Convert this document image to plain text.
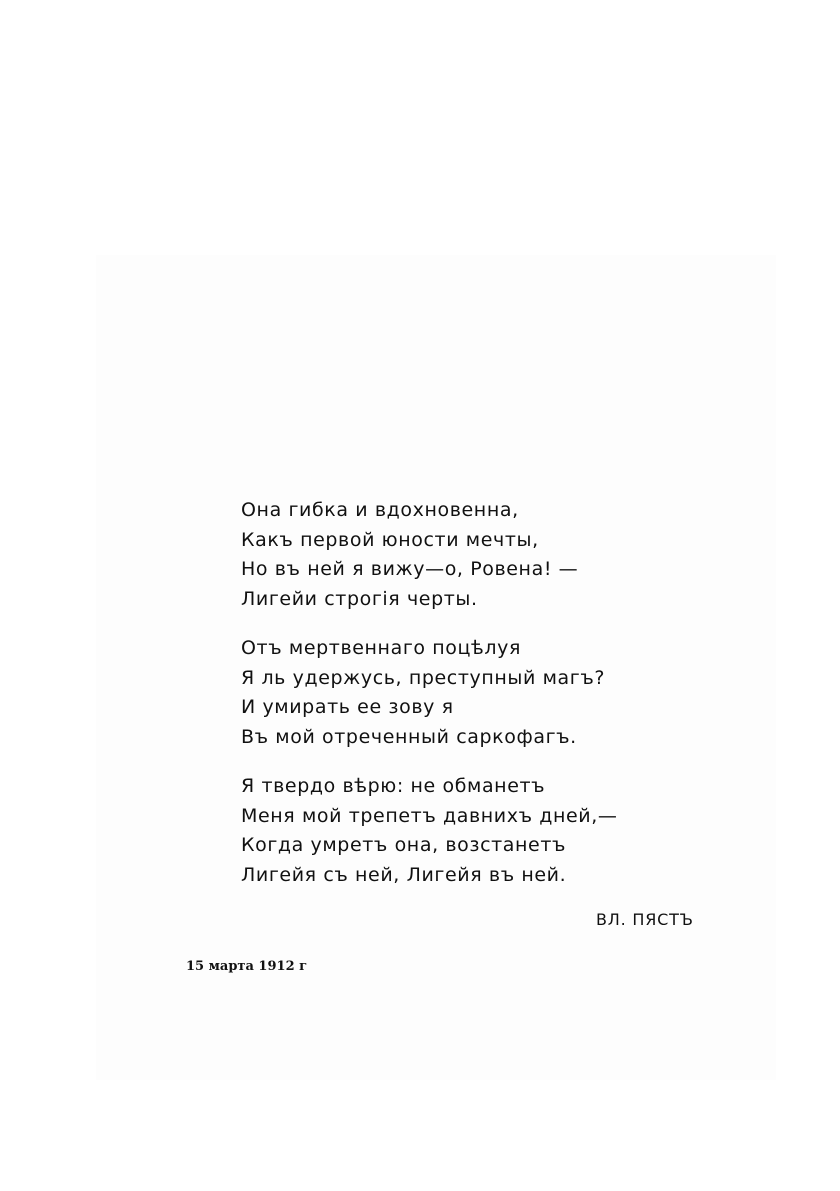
Она гибка и вдохновенна,
Какъ первой юности мечты,
Но въ ней я вижу—о, Ровена! —
Лигейи строгія черты.
Отъ мертвеннаго поцѣлуя
Я ль удержусь, преступный магъ?
И умирать ее зову я
Въ мой отреченный саркофагъ.
Я твердо вѣрю: не обманетъ
Меня мой трепетъ давнихъ дней,—
Когда умретъ она, возстанетъ
Лигейя съ ней, Лигейя въ ней.
ВЛ. ПЯСТЪ
15 марта 1912 г
